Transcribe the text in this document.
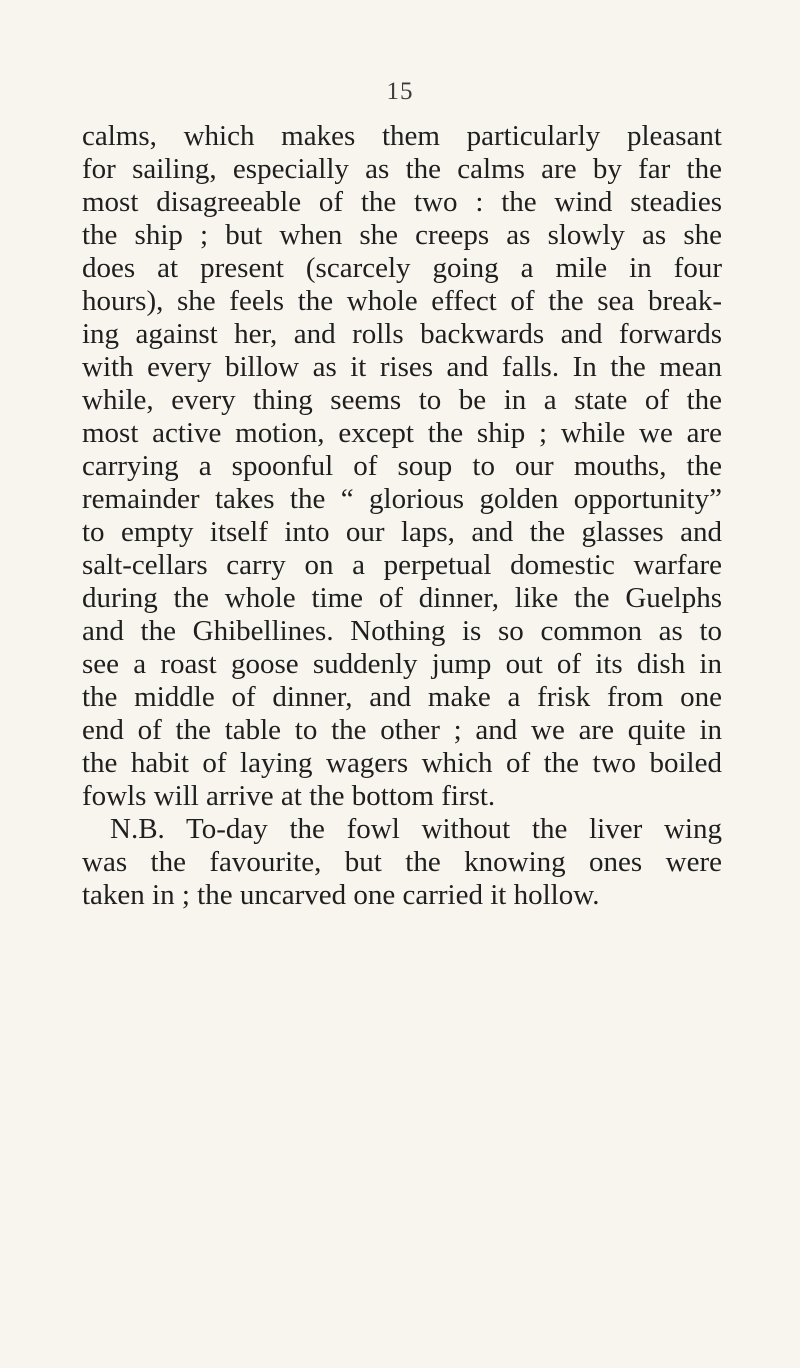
15
calms, which makes them particularly pleasant
for sailing, especially as the calms are by far the
most disagreeable of the two : the wind steadies
the ship ; but when she creeps as slowly as she
does at present (scarcely going a mile in four
hours), she feels the whole effect of the sea break-
ing against her, and rolls backwards and forwards
with every billow as it rises and falls. In the mean
while, every thing seems to be in a state of the
most active motion, except the ship ; while we are
carrying a spoonful of soup to our mouths, the
remainder takes the “ glorious golden opportunity”
to empty itself into our laps, and the glasses and
salt-cellars carry on a perpetual domestic warfare
during the whole time of dinner, like the Guelphs
and the Ghibellines. Nothing is so common as to
see a roast goose suddenly jump out of its dish in
the middle of dinner, and make a frisk from one
end of the table to the other ; and we are quite in
the habit of laying wagers which of the two boiled
fowls will arrive at the bottom first.
N.B. To-day the fowl without the liver wing
was the favourite, but the knowing ones were
taken in ; the uncarved one carried it hollow.
